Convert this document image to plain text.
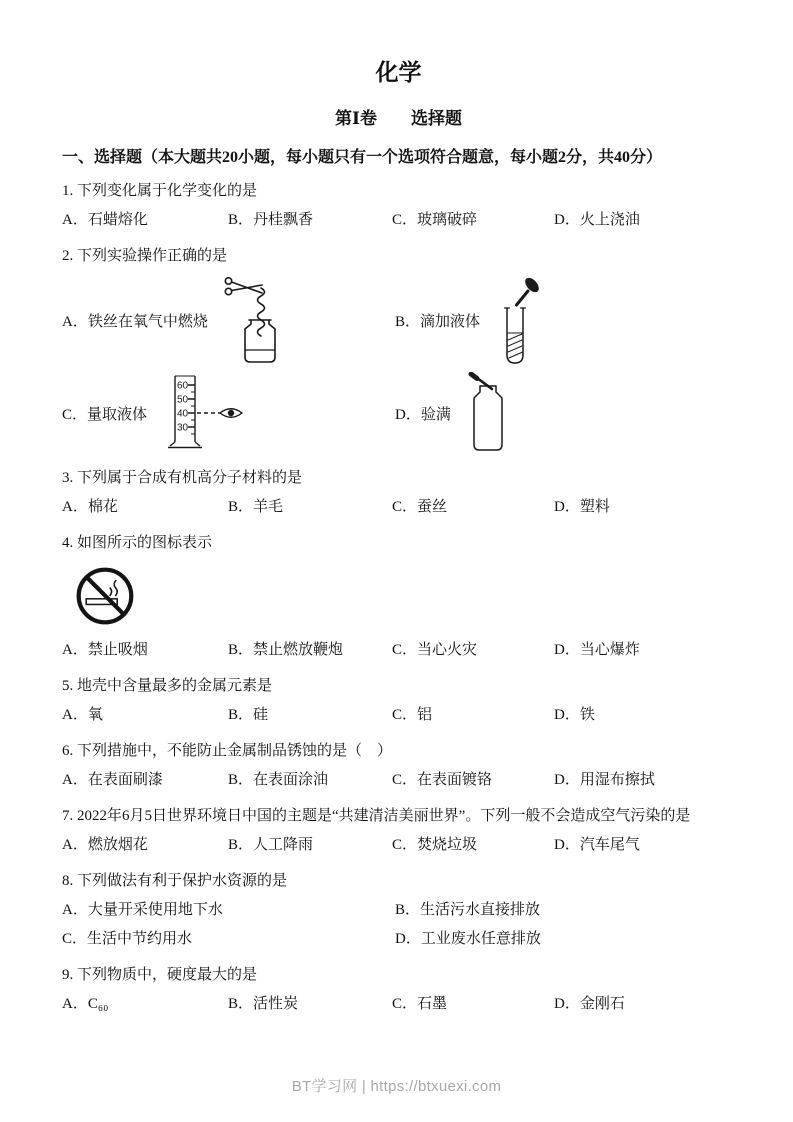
化学
第Ⅰ卷　　选择题
一、选择题（本大题共20小题，每小题只有一个选项符合题意，每小题2分，共40分）
1. 下列变化属于化学变化的是
A．石蜡熔化	B．丹桂飘香	C．玻璃破碎	D．火上浇油
2. 下列实验操作正确的是
A．铁丝在氧气中燃烧	B．滴加液体
C．量取液体
60
50
40
30
D．验满
3. 下列属于合成有机高分子材料的是
A．棉花	B．羊毛	C．蚕丝	D．塑料
4. 如图所示的图标表示
A．禁止吸烟	B．禁止燃放鞭炮	C．当心火灾	D．当心爆炸
5. 地壳中含量最多的金属元素是
A．氧	B．硅	C．铝	D．铁
6. 下列措施中，不能防止金属制品锈蚀的是（　）
A．在表面刷漆	B．在表面涂油	C．在表面镀铬	D．用湿布擦拭
7. 2022年6月5日世界环境日中国的主题是“共建清洁美丽世界”。下列一般不会造成空气污染的是
A．燃放烟花	B．人工降雨	C．焚烧垃圾	D．汽车尾气
8. 下列做法有利于保护水资源的是
A．大量开采使用地下水	B．生活污水直接排放
C．生活中节约用水	D．工业废水任意排放
9. 下列物质中，硬度最大的是
A．C₆₀	B．活性炭	C．石墨	D．金刚石
BT学习网 | https://btxuexi.com
